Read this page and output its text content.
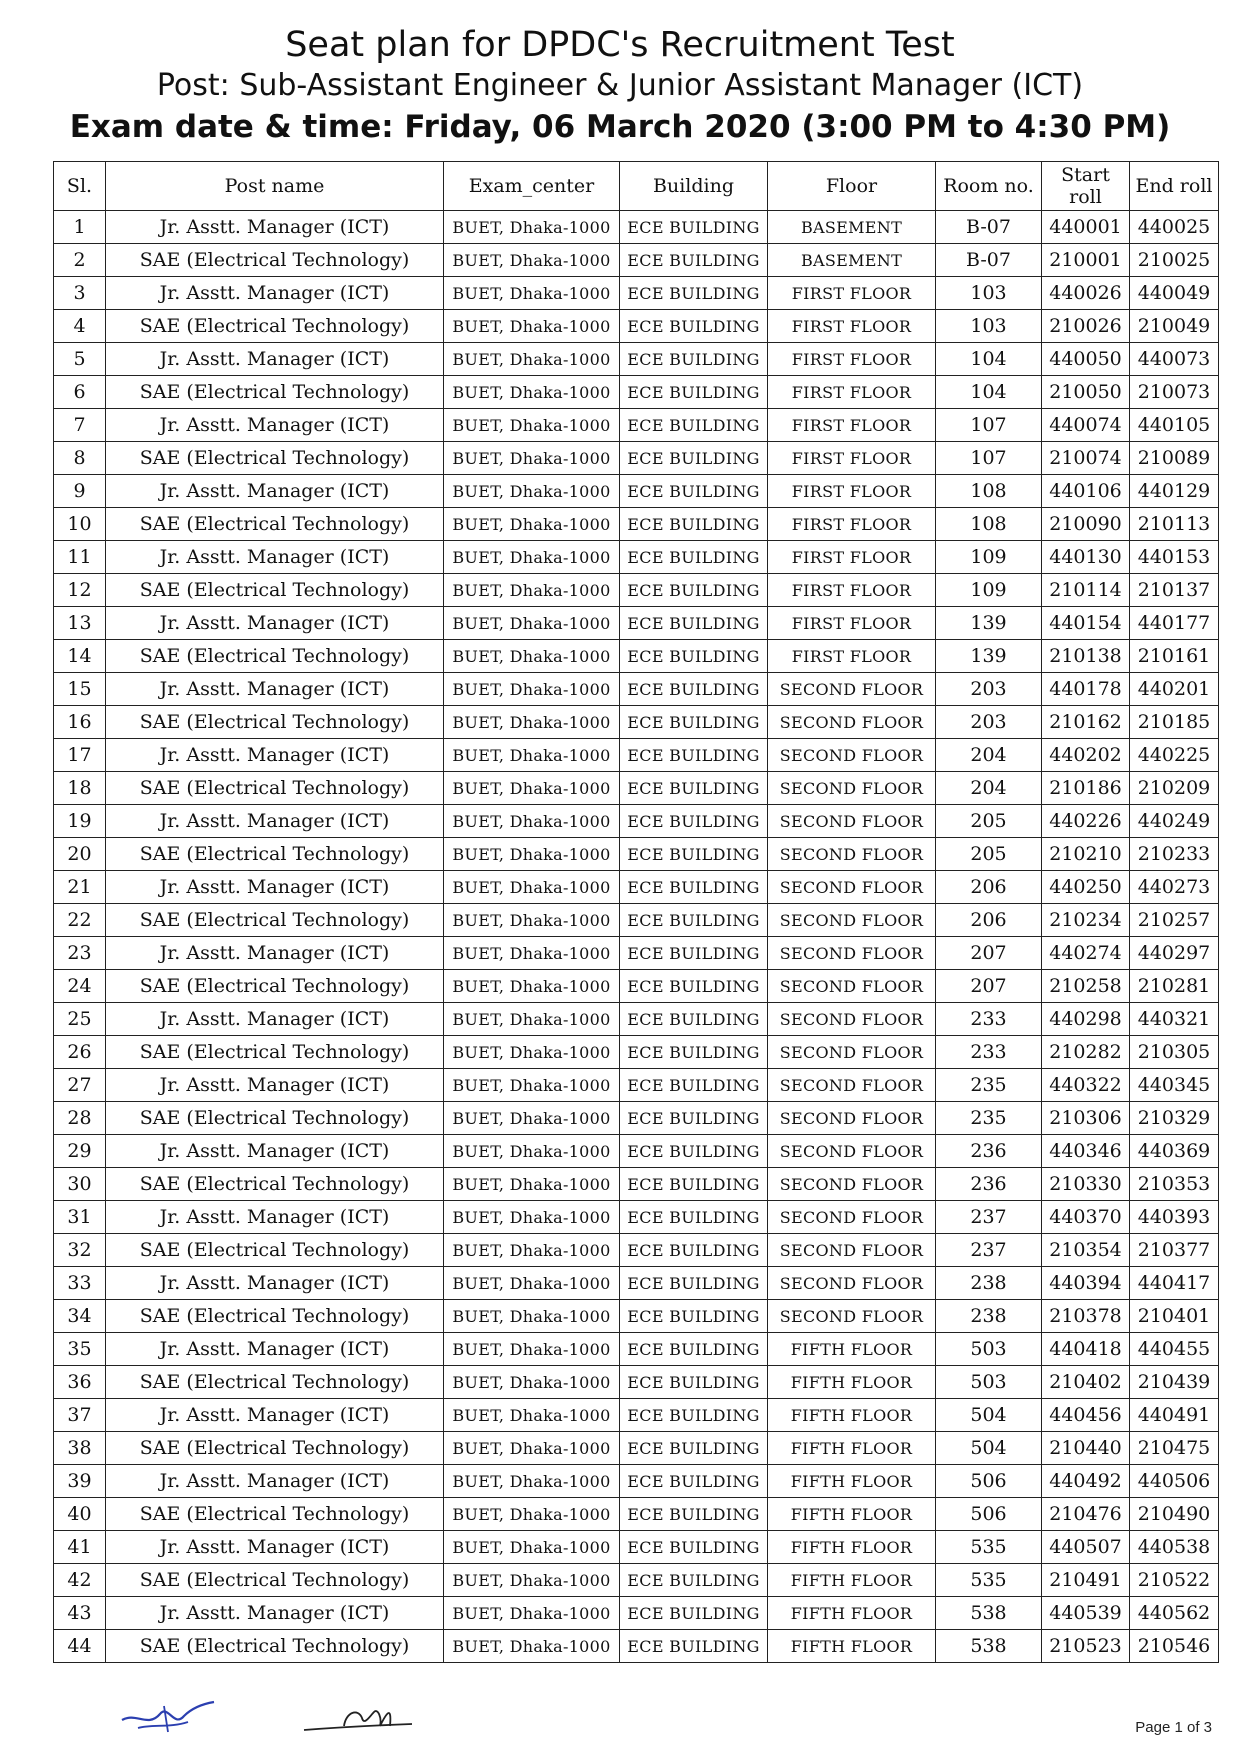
Seat plan for DPDC's Recruitment Test
Post: Sub-Assistant Engineer & Junior Assistant Manager (ICT)
Exam date & time: Friday, 06 March 2020 (3:00 PM to 4:30 PM)
Sl.	Post name	Exam_center	Building	Floor	Room no.	Start roll	End roll
1	Jr. Asstt. Manager (ICT)	BUET, Dhaka-1000	ECE BUILDING	BASEMENT	B-07	440001	440025
2	SAE (Electrical Technology)	BUET, Dhaka-1000	ECE BUILDING	BASEMENT	B-07	210001	210025
3	Jr. Asstt. Manager (ICT)	BUET, Dhaka-1000	ECE BUILDING	FIRST FLOOR	103	440026	440049
4	SAE (Electrical Technology)	BUET, Dhaka-1000	ECE BUILDING	FIRST FLOOR	103	210026	210049
5	Jr. Asstt. Manager (ICT)	BUET, Dhaka-1000	ECE BUILDING	FIRST FLOOR	104	440050	440073
6	SAE (Electrical Technology)	BUET, Dhaka-1000	ECE BUILDING	FIRST FLOOR	104	210050	210073
7	Jr. Asstt. Manager (ICT)	BUET, Dhaka-1000	ECE BUILDING	FIRST FLOOR	107	440074	440105
8	SAE (Electrical Technology)	BUET, Dhaka-1000	ECE BUILDING	FIRST FLOOR	107	210074	210089
9	Jr. Asstt. Manager (ICT)	BUET, Dhaka-1000	ECE BUILDING	FIRST FLOOR	108	440106	440129
10	SAE (Electrical Technology)	BUET, Dhaka-1000	ECE BUILDING	FIRST FLOOR	108	210090	210113
11	Jr. Asstt. Manager (ICT)	BUET, Dhaka-1000	ECE BUILDING	FIRST FLOOR	109	440130	440153
12	SAE (Electrical Technology)	BUET, Dhaka-1000	ECE BUILDING	FIRST FLOOR	109	210114	210137
13	Jr. Asstt. Manager (ICT)	BUET, Dhaka-1000	ECE BUILDING	FIRST FLOOR	139	440154	440177
14	SAE (Electrical Technology)	BUET, Dhaka-1000	ECE BUILDING	FIRST FLOOR	139	210138	210161
15	Jr. Asstt. Manager (ICT)	BUET, Dhaka-1000	ECE BUILDING	SECOND FLOOR	203	440178	440201
16	SAE (Electrical Technology)	BUET, Dhaka-1000	ECE BUILDING	SECOND FLOOR	203	210162	210185
17	Jr. Asstt. Manager (ICT)	BUET, Dhaka-1000	ECE BUILDING	SECOND FLOOR	204	440202	440225
18	SAE (Electrical Technology)	BUET, Dhaka-1000	ECE BUILDING	SECOND FLOOR	204	210186	210209
19	Jr. Asstt. Manager (ICT)	BUET, Dhaka-1000	ECE BUILDING	SECOND FLOOR	205	440226	440249
20	SAE (Electrical Technology)	BUET, Dhaka-1000	ECE BUILDING	SECOND FLOOR	205	210210	210233
21	Jr. Asstt. Manager (ICT)	BUET, Dhaka-1000	ECE BUILDING	SECOND FLOOR	206	440250	440273
22	SAE (Electrical Technology)	BUET, Dhaka-1000	ECE BUILDING	SECOND FLOOR	206	210234	210257
23	Jr. Asstt. Manager (ICT)	BUET, Dhaka-1000	ECE BUILDING	SECOND FLOOR	207	440274	440297
24	SAE (Electrical Technology)	BUET, Dhaka-1000	ECE BUILDING	SECOND FLOOR	207	210258	210281
25	Jr. Asstt. Manager (ICT)	BUET, Dhaka-1000	ECE BUILDING	SECOND FLOOR	233	440298	440321
26	SAE (Electrical Technology)	BUET, Dhaka-1000	ECE BUILDING	SECOND FLOOR	233	210282	210305
27	Jr. Asstt. Manager (ICT)	BUET, Dhaka-1000	ECE BUILDING	SECOND FLOOR	235	440322	440345
28	SAE (Electrical Technology)	BUET, Dhaka-1000	ECE BUILDING	SECOND FLOOR	235	210306	210329
29	Jr. Asstt. Manager (ICT)	BUET, Dhaka-1000	ECE BUILDING	SECOND FLOOR	236	440346	440369
30	SAE (Electrical Technology)	BUET, Dhaka-1000	ECE BUILDING	SECOND FLOOR	236	210330	210353
31	Jr. Asstt. Manager (ICT)	BUET, Dhaka-1000	ECE BUILDING	SECOND FLOOR	237	440370	440393
32	SAE (Electrical Technology)	BUET, Dhaka-1000	ECE BUILDING	SECOND FLOOR	237	210354	210377
33	Jr. Asstt. Manager (ICT)	BUET, Dhaka-1000	ECE BUILDING	SECOND FLOOR	238	440394	440417
34	SAE (Electrical Technology)	BUET, Dhaka-1000	ECE BUILDING	SECOND FLOOR	238	210378	210401
35	Jr. Asstt. Manager (ICT)	BUET, Dhaka-1000	ECE BUILDING	FIFTH FLOOR	503	440418	440455
36	SAE (Electrical Technology)	BUET, Dhaka-1000	ECE BUILDING	FIFTH FLOOR	503	210402	210439
37	Jr. Asstt. Manager (ICT)	BUET, Dhaka-1000	ECE BUILDING	FIFTH FLOOR	504	440456	440491
38	SAE (Electrical Technology)	BUET, Dhaka-1000	ECE BUILDING	FIFTH FLOOR	504	210440	210475
39	Jr. Asstt. Manager (ICT)	BUET, Dhaka-1000	ECE BUILDING	FIFTH FLOOR	506	440492	440506
40	SAE (Electrical Technology)	BUET, Dhaka-1000	ECE BUILDING	FIFTH FLOOR	506	210476	210490
41	Jr. Asstt. Manager (ICT)	BUET, Dhaka-1000	ECE BUILDING	FIFTH FLOOR	535	440507	440538
42	SAE (Electrical Technology)	BUET, Dhaka-1000	ECE BUILDING	FIFTH FLOOR	535	210491	210522
43	Jr. Asstt. Manager (ICT)	BUET, Dhaka-1000	ECE BUILDING	FIFTH FLOOR	538	440539	440562
44	SAE (Electrical Technology)	BUET, Dhaka-1000	ECE BUILDING	FIFTH FLOOR	538	210523	210546
Page 1 of 3
